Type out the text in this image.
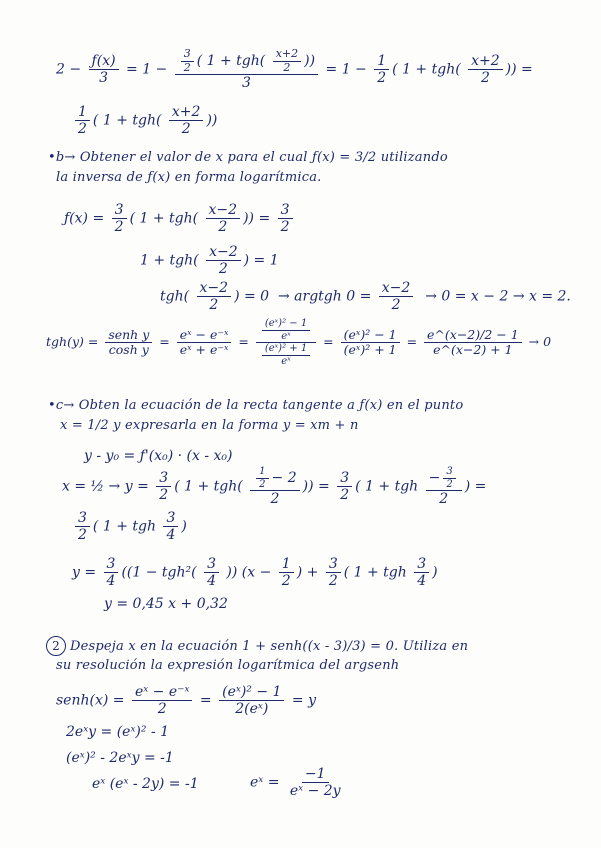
$2 - \frac{ƒ(x)}{3} = 1 - \frac{\frac{3}{2} ( 1 + tgh( \frac{x+2}{2} ))}{3} = 1 - \frac{1}{2}$ ( $1 + tgh( \frac{x+2}{2}$ )) =
$\frac{1}{2}$ ( $1 + tgh( \frac{x+2}{2}$ ))
•b→ Obtener el valor de x para el cual ƒ(x) = 3/2 utilizando
la inversa de ƒ(x) en forma logarítmica.
ƒ(x) = $\frac{3}{2}$ ( $1 + tgh( \frac{x-2}{2}$ )) = $\frac{3}{2}$
$1 + tgh( \frac{x-2}{2}$ ) = 1
$tgh( \frac{x-2}{2}$ ) = 0  → argtgh $0 = \frac{x-2}{2} \to 0 = x - 2 \to x = 2$.
$tgh(y) = \frac{\text{senh y}}{\text{cosh y}} = \frac{\text{eˣ − e⁻ˣ}}{\text{eˣ + e⁻ˣ}} = \frac{\frac{\text{(eˣ)² − 1}}{\text{eˣ}}}{\frac{\text{(eˣ)² + 1}}{\text{eˣ}}} = \frac{\text{(eˣ)² − 1}}{\text{(eˣ)² + 1}} = \frac{e\^{}(x-2)/2 - 1}{e\^{}(x-2) + 1} \to 0$
•c→ Obten la ecuación de la recta tangente a ƒ(x) en el punto
x = 1/2 y expresarla en la forma y = xm + n
y - y₀ = ƒ'(x₀) · (x - x₀)
x = ½ → $y = \frac{3}{2}$ ( $1 + tgh( \frac{\frac{1}{2} - 2}{2}$ )) = $\frac{3}{2}$ ( 1 + tgh $\frac{- \frac{3}{2}}{2}$ ) =
$\frac{3}{2}$ ( 1 + tgh $\frac{3}{4}$ )
$y = \frac{3}{4} ((1 - tgh^2( \frac{3}{4}$ )) ($x - \frac{1}{2}$ ) + $\frac{3}{2}$ ( 1 + tgh $\frac{3}{4}$ )
y = 0,45 x + 0,32
2 Despeja x en la ecuación 1 + senh((x - 3)/3) = 0. Utiliza en
su resolución la expresión logarítmica del argsenh
senh(x) = $\frac{\text{eˣ − e⁻ˣ}}{2} = \frac{\text{(eˣ)² − 1}}{\text{2(eˣ)}} = y$
2eˣy = (eˣ)² - 1
(eˣ)² - 2eˣy = -1
eˣ (eˣ - 2y) = -1	eˣ = $\frac{-1}{\text{eˣ − 2y}}$
